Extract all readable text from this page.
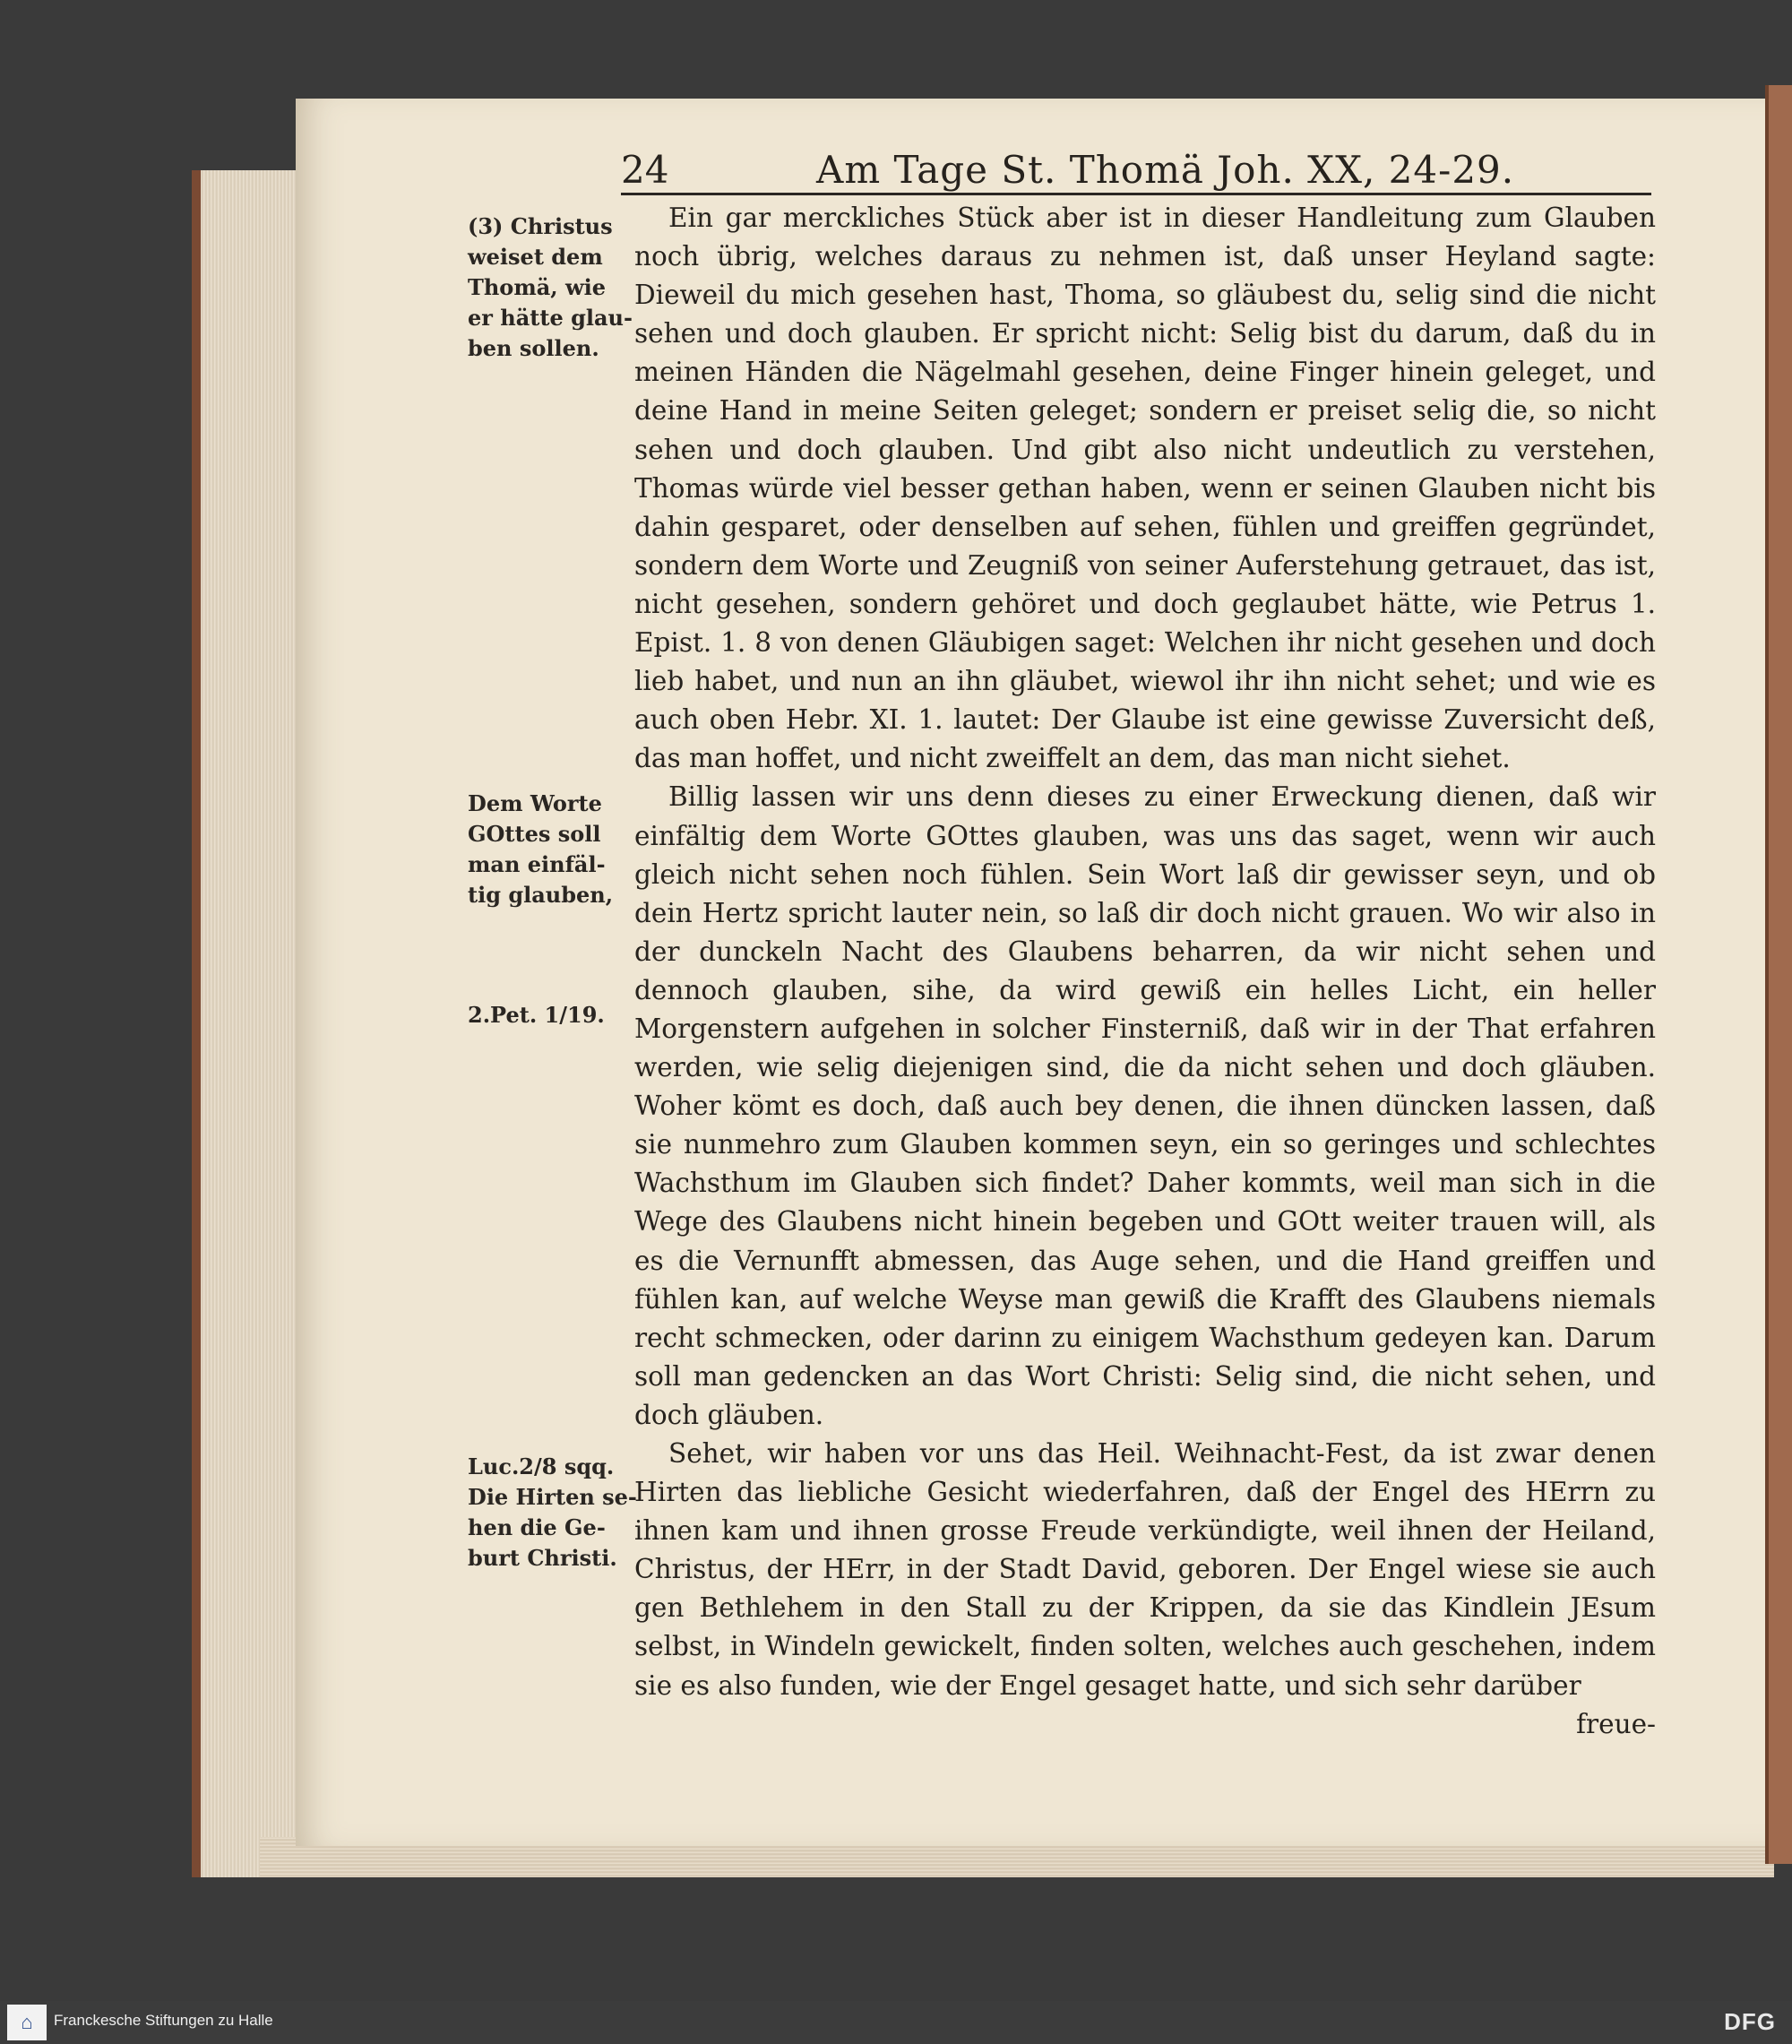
24	Am Tage St. Thomä Joh. XX, 24-29.

(3) Christus weiset dem Thomä, wie er hätte glau-ben sollen.

Dem Worte GOttes soll man einfäl-tig glauben,

2.Pet. 1/19.

Luc.2/8 sqq. Die Hirten se-hen die Ge-burt Christi.

Ein gar merckliches Stück aber ist in dieser Handleitung zum Glauben noch übrig, welches daraus zu nehmen ist, daß unser Heyland sagte: Dieweil du mich gesehen hast, Thoma, so gläubest du, selig sind die nicht sehen und doch glauben. Er spricht nicht: Selig bist du darum, daß du in meinen Händen die Nägelmahl gesehen, deine Finger hinein geleget, und deine Hand in meine Seiten geleget; sondern er preiset selig die, so nicht sehen und doch glauben. Und gibt also nicht undeutlich zu verstehen, Thomas würde viel besser gethan haben, wenn er seinen Glauben nicht bis dahin gesparet, oder denselben auf sehen, fühlen und greiffen gegründet, sondern dem Worte und Zeugniß von seiner Auferstehung getrauet, das ist, nicht gesehen, sondern gehöret und doch geglaubet hätte, wie Petrus 1. Epist. 1. 8 von denen Gläubigen saget: Welchen ihr nicht gesehen und doch lieb habet, und nun an ihn gläubet, wiewol ihr ihn nicht sehet; und wie es auch oben Hebr. XI. 1. lautet: Der Glaube ist eine gewisse Zuversicht deß, das man hoffet, und nicht zweiffelt an dem, das man nicht siehet.

Billig lassen wir uns denn dieses zu einer Erweckung dienen, daß wir einfältig dem Worte GOttes glauben, was uns das saget, wenn wir auch gleich nicht sehen noch fühlen. Sein Wort laß dir gewisser seyn, und ob dein Hertz spricht lauter nein, so laß dir doch nicht grauen. Wo wir also in der dunckeln Nacht des Glaubens beharren, da wir nicht sehen und dennoch glauben, sihe, da wird gewiß ein helles Licht, ein heller Morgenstern aufgehen in solcher Finsterniß, daß wir in der That erfahren werden, wie selig diejenigen sind, die da nicht sehen und doch gläuben. Woher kömt es doch, daß auch bey denen, die ihnen düncken lassen, daß sie nunmehro zum Glauben kommen seyn, ein so geringes und schlechtes Wachsthum im Glauben sich findet? Daher kommts, weil man sich in die Wege des Glaubens nicht hinein begeben und GOtt weiter trauen will, als es die Vernunfft abmessen, das Auge sehen, und die Hand greiffen und fühlen kan, auf welche Weyse man gewiß die Krafft des Glaubens niemals recht schmecken, oder darinn zu einigem Wachsthum gedeyen kan. Darum soll man gedencken an das Wort Christi: Selig sind, die nicht sehen, und doch gläuben.

Sehet, wir haben vor uns das Heil. Weihnacht-Fest, da ist zwar denen Hirten das liebliche Gesicht wiederfahren, daß der Engel des HErrn zu ihnen kam und ihnen grosse Freude verkündigte, weil ihnen der Heiland, Christus, der HErr, in der Stadt David, geboren. Der Engel wiese sie auch gen Bethlehem in den Stall zu der Krippen, da sie das Kindlein JEsum selbst, in Windeln gewickelt, finden solten, welches auch geschehen, indem sie es also funden, wie der Engel gesaget hatte, und sich sehr darüber

freue-

⌂	Franckesche Stiftungen zu Halle	DFG
